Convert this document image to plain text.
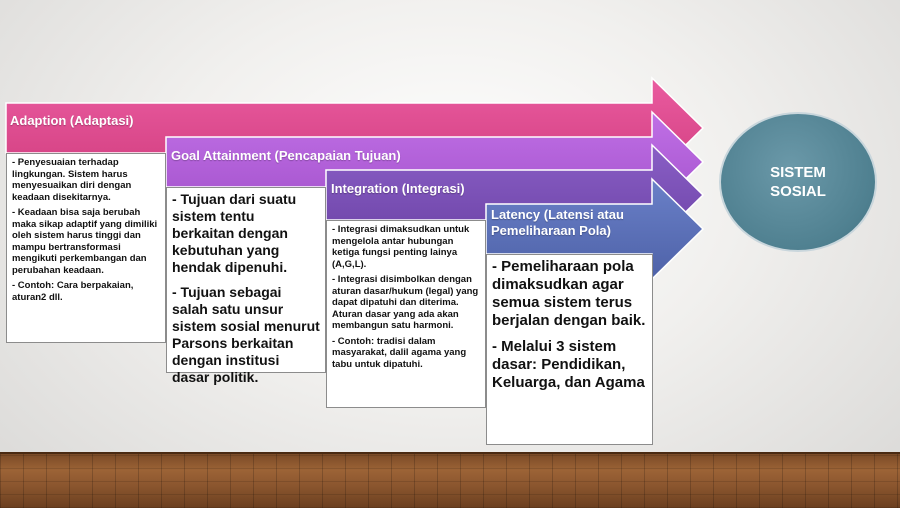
Adaption (Adaptasi)
Goal Attainment (Pencapaian Tujuan)
Integration (Integrasi)
Latency (Latensi atau Pemeliharaan Pola)
- Penyesuaian terhadap lingkungan. Sistem harus menyesuaikan diri dengan keadaan disekitarnya.
- Keadaan bisa saja berubah maka sikap adaptif yang dimiliki oleh sistem harus tinggi dan mampu bertransformasi mengikuti perkembangan dan perubahan keadaan.
- Contoh: Cara berpakaian, aturan2 dll.
- Tujuan dari suatu sistem tentu berkaitan dengan kebutuhan yang hendak dipenuhi.
- Tujuan sebagai salah satu unsur sistem sosial menurut Parsons berkaitan dengan institusi dasar politik.
- Integrasi dimaksudkan untuk mengelola antar hubungan ketiga fungsi penting lainya (A,G,L).
- Integrasi disimbolkan dengan aturan dasar/hukum (legal) yang dapat dipatuhi dan diterima. Aturan dasar yang ada akan membangun satu harmoni.
- Contoh: tradisi dalam masyarakat, dalil agama yang tabu untuk dipatuhi.
- Pemeliharaan pola dimaksudkan agar semua sistem terus berjalan dengan baik.
- Melalui 3 sistem dasar: Pendidikan, Keluarga, dan Agama
SISTEM
SOSIAL
